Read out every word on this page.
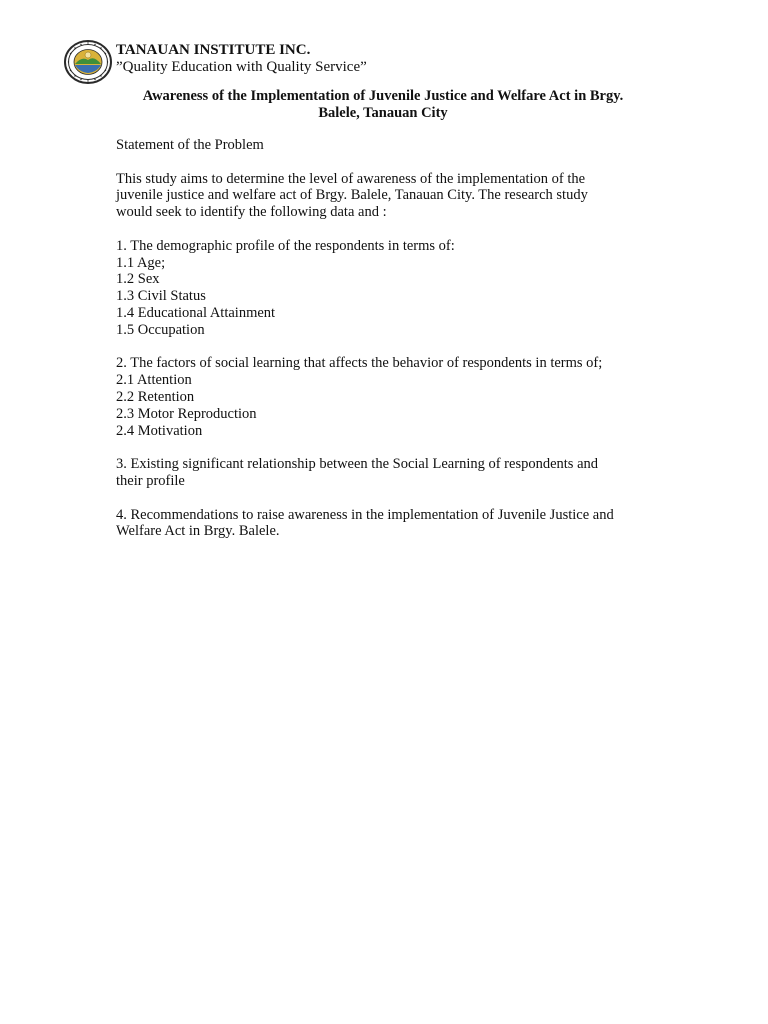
TANAUAN INSTITUTE INC.
”Quality Education with Quality Service”
Awareness of the Implementation of Juvenile Justice and Welfare Act in Brgy.
Balele, Tanauan City
Statement of the Problem
This study aims to determine the level of awareness of the implementation of the
juvenile justice and welfare act of Brgy. Balele, Tanauan City. The research study
would seek to identify the following data and :
1. The demographic profile of the respondents in terms of:
1.1 Age;
1.2 Sex
1.3 Civil Status
1.4 Educational Attainment
1.5 Occupation
2. The factors of social learning that affects the behavior of respondents in terms of;
2.1 Attention
2.2 Retention
2.3 Motor Reproduction
2.4 Motivation
3. Existing significant relationship between the Social Learning of respondents and
their profile
4. Recommendations to raise awareness in the implementation of Juvenile Justice and
Welfare Act in Brgy. Balele.
